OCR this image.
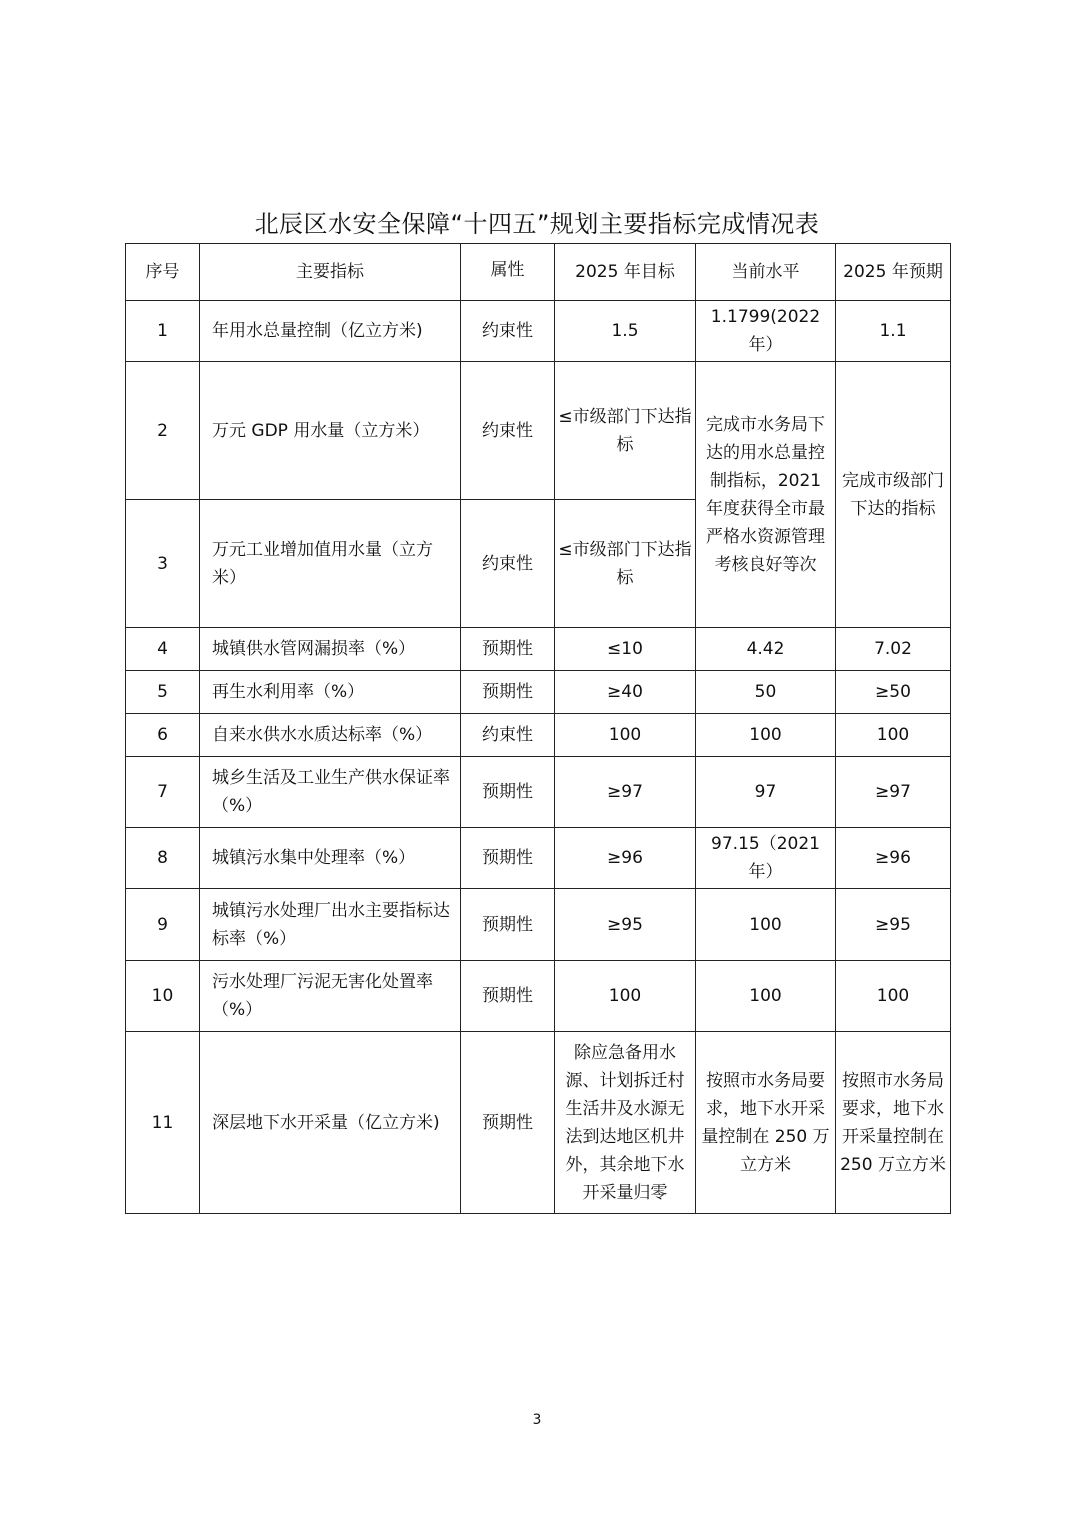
北辰区水安全保障“十四五”规划主要指标完成情况表
序号	主要指标	属性	2025 年目标	当前水平	2025 年预期
1	年用水总量控制（亿立方米)	约束性	1.5	1.1799(2022 年）	1.1
2	万元 GDP 用水量（立方米）	约束性	≤市级部门下达指标	完成市水务局下达的用水总量控制指标，2021 年度获得全市最严格水资源管理考核良好等次	完成市级部门下达的指标
3	万元工业增加值用水量（立方米）	约束性	≤市级部门下达指标		
4	城镇供水管网漏损率（%）	预期性	≤10	4.42	7.02
5	再生水利用率（%）	预期性	≥40	50	≥50
6	自来水供水水质达标率（%）	约束性	100	100	100
7	城乡生活及工业生产供水保证率（%）	预期性	≥97	97	≥97
8	城镇污水集中处理率（%）	预期性	≥96	97.15（2021 年）	≥96
9	城镇污水处理厂出水主要指标达标率（%）	预期性	≥95	100	≥95
10	污水处理厂污泥无害化处置率（%）	预期性	100	100	100
11	深层地下水开采量（亿立方米)	预期性	除应急备用水源、计划拆迁村生活井及水源无法到达地区机井外，其余地下水开采量归零	按照市水务局要求，地下水开采量控制在 250 万立方米	按照市水务局要求，地下水开采量控制在 250 万立方米
3
